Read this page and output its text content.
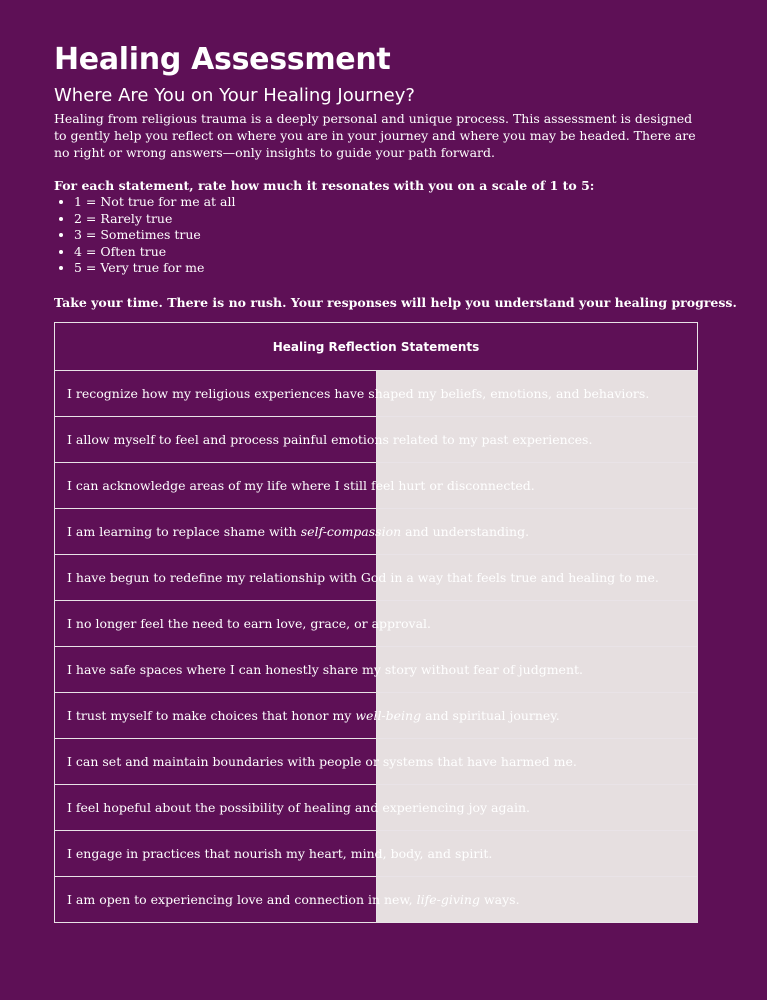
Healing Assessment
Where Are You on Your Healing Journey?

Healing from religious trauma is a deeply personal and unique process. This assessment is designed to gently help you reflect on where you are in your journey and where you may be headed. There are no right or wrong answers—only insights to guide your path forward.

For each statement, rate how much it resonates with you on a scale of 1 to 5:

• 1 = Not true for me at all
• 2 = Rarely true
• 3 = Sometimes true
• 4 = Often true
• 5 = Very true for me

Take your time. There is no rush. Your responses will help you understand your healing progress.

Healing Reflection Statements	
I recognize how my religious experiences have shaped my beliefs, emotions, and behaviors.	
I allow myself to feel and process painful emotions related to my past experiences.	
I can acknowledge areas of my life where I still feel hurt or disconnected.	
I am learning to replace shame with self-compassion and understanding.	
I have begun to redefine my relationship with God in a way that feels true and healing to me.	
I no longer feel the need to earn love, grace, or approval.	
I have safe spaces where I can honestly share my story without fear of judgment.	
I trust myself to make choices that honor my well-being and spiritual journey.	
I can set and maintain boundaries with people or systems that have harmed me.	
I feel hopeful about the possibility of healing and experiencing joy again.	
I engage in practices that nourish my heart, mind, body, and spirit.	
I am open to experiencing love and connection in new, life-giving ways.	
